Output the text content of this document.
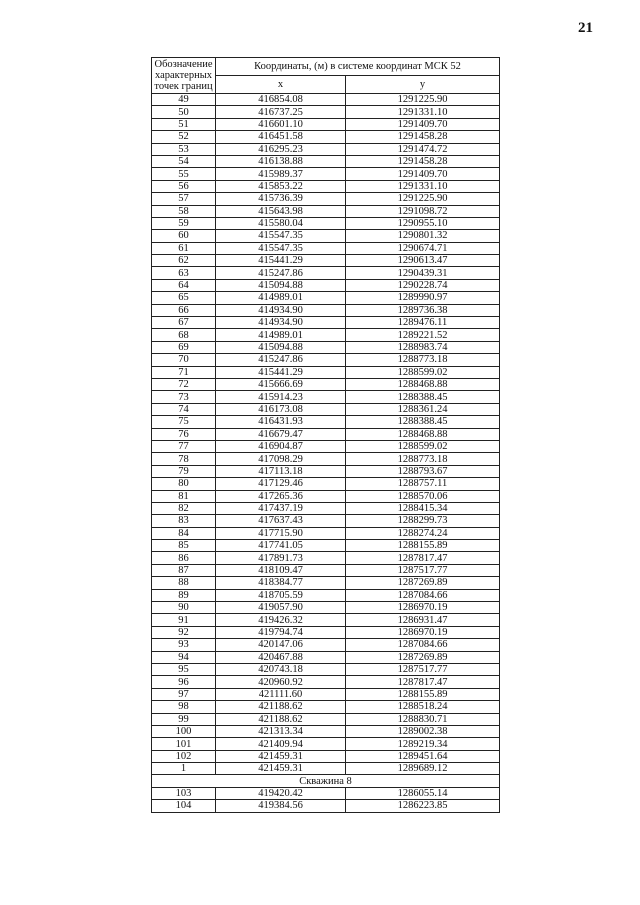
21
Обозначение характерных точек границ	Координаты, (м) в системе координат МСК 52	
	x	y
49	416854.08	1291225.90
50	416737.25	1291331.10
51	416601.10	1291409.70
52	416451.58	1291458.28
53	416295.23	1291474.72
54	416138.88	1291458.28
55	415989.37	1291409.70
56	415853.22	1291331.10
57	415736.39	1291225.90
58	415643.98	1291098.72
59	415580.04	1290955.10
60	415547.35	1290801.32
61	415547.35	1290674.71
62	415441.29	1290613.47
63	415247.86	1290439.31
64	415094.88	1290228.74
65	414989.01	1289990.97
66	414934.90	1289736.38
67	414934.90	1289476.11
68	414989.01	1289221.52
69	415094.88	1288983.74
70	415247.86	1288773.18
71	415441.29	1288599.02
72	415666.69	1288468.88
73	415914.23	1288388.45
74	416173.08	1288361.24
75	416431.93	1288388.45
76	416679.47	1288468.88
77	416904.87	1288599.02
78	417098.29	1288773.18
79	417113.18	1288793.67
80	417129.46	1288757.11
81	417265.36	1288570.06
82	417437.19	1288415.34
83	417637.43	1288299.73
84	417715.90	1288274.24
85	417741.05	1288155.89
86	417891.73	1287817.47
87	418109.47	1287517.77
88	418384.77	1287269.89
89	418705.59	1287084.66
90	419057.90	1286970.19
91	419426.32	1286931.47
92	419794.74	1286970.19
93	420147.06	1287084.66
94	420467.88	1287269.89
95	420743.18	1287517.77
96	420960.92	1287817.47
97	421111.60	1288155.89
98	421188.62	1288518.24
99	421188.62	1288830.71
100	421313.34	1289002.38
101	421409.94	1289219.34
102	421459.31	1289451.64
1	421459.31	1289689.12
Скважина 8		
103	419420.42	1286055.14
104	419384.56	1286223.85
